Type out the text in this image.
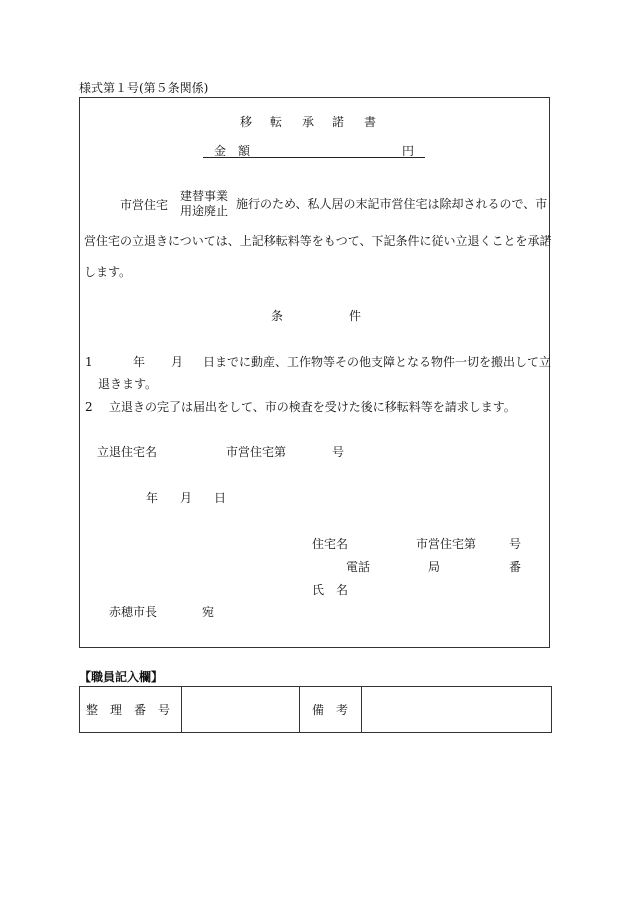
様式第１号(第５条関係)
移 転 承 諾 書
金　額	円
市営住宅
建替事業
用途廃止 施行のため、私人居の末記市営住宅は除却されるので、市
営住宅の立退きについては、上記移転料等をもつて、下記条件に従い立退くことを承諾
します。
条	件
1	年 月 日までに動産、工作物等その他支障となる物件一切を搬出して立
退きます。
2 立退きの完了は届出をして、市の検査を受けた後に移転料等を請求します。
立退住宅名	市営住宅第	号
年 月 日
住宅名	市営住宅第	号
電話	局	番
氏　名
赤穂市長	宛
【職員記入欄】
整　理　番　号		備　考	
